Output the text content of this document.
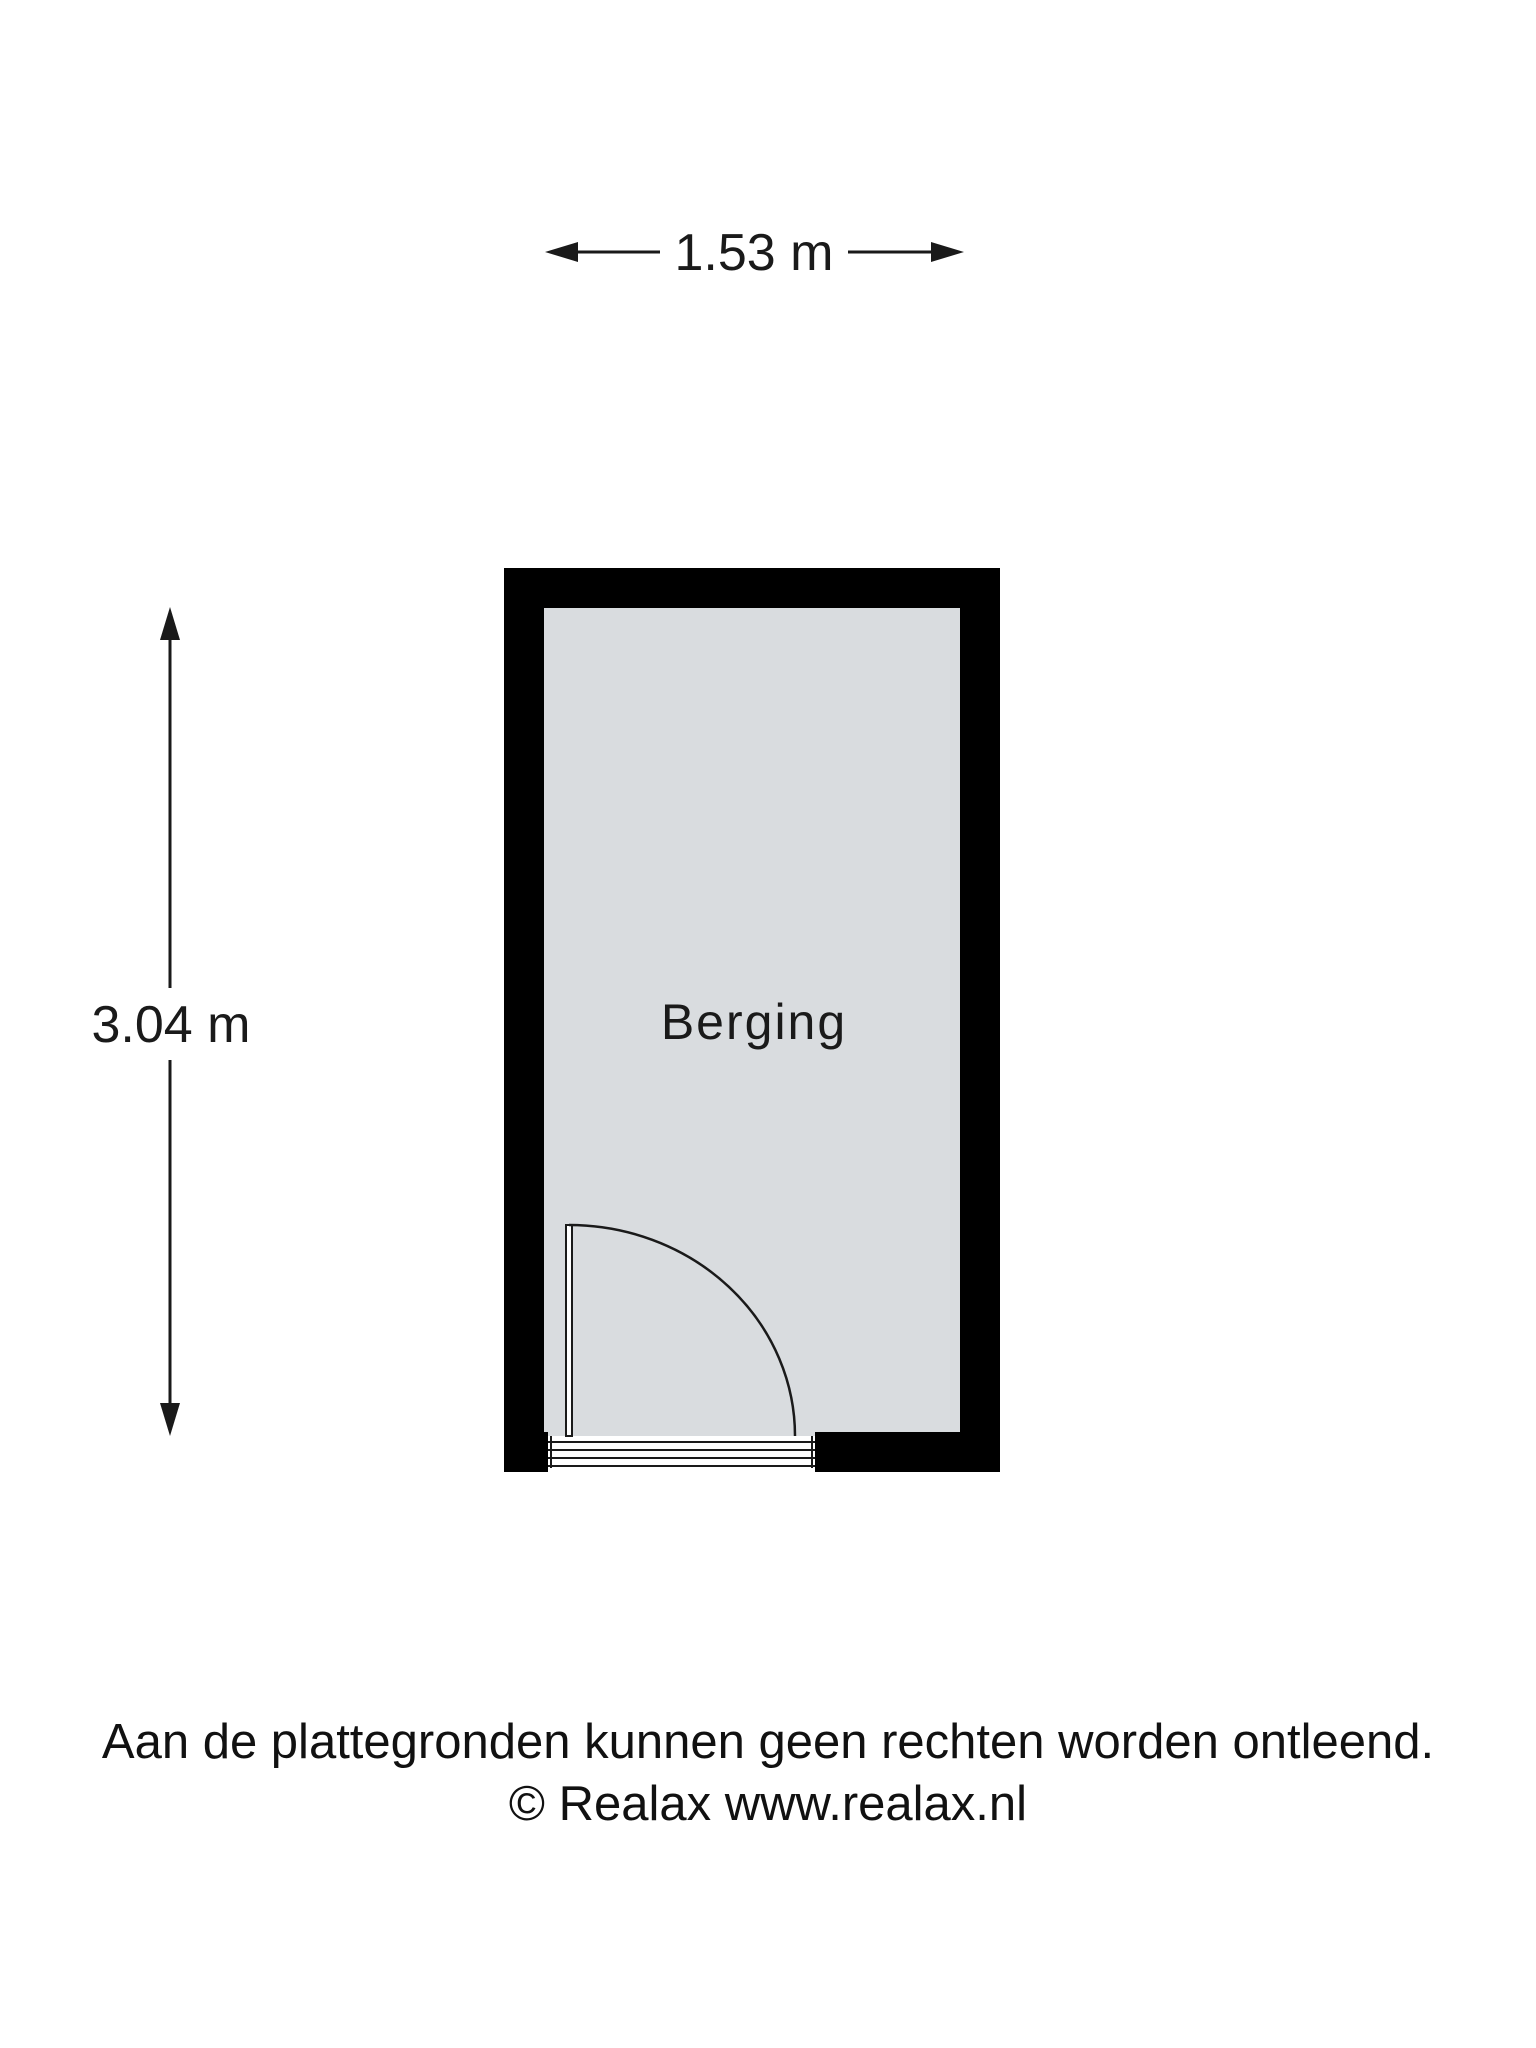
1.53 m
3.04 m	Berging

Aan de plattegronden kunnen geen rechten worden ontleend.

© Realax www.realax.nl
